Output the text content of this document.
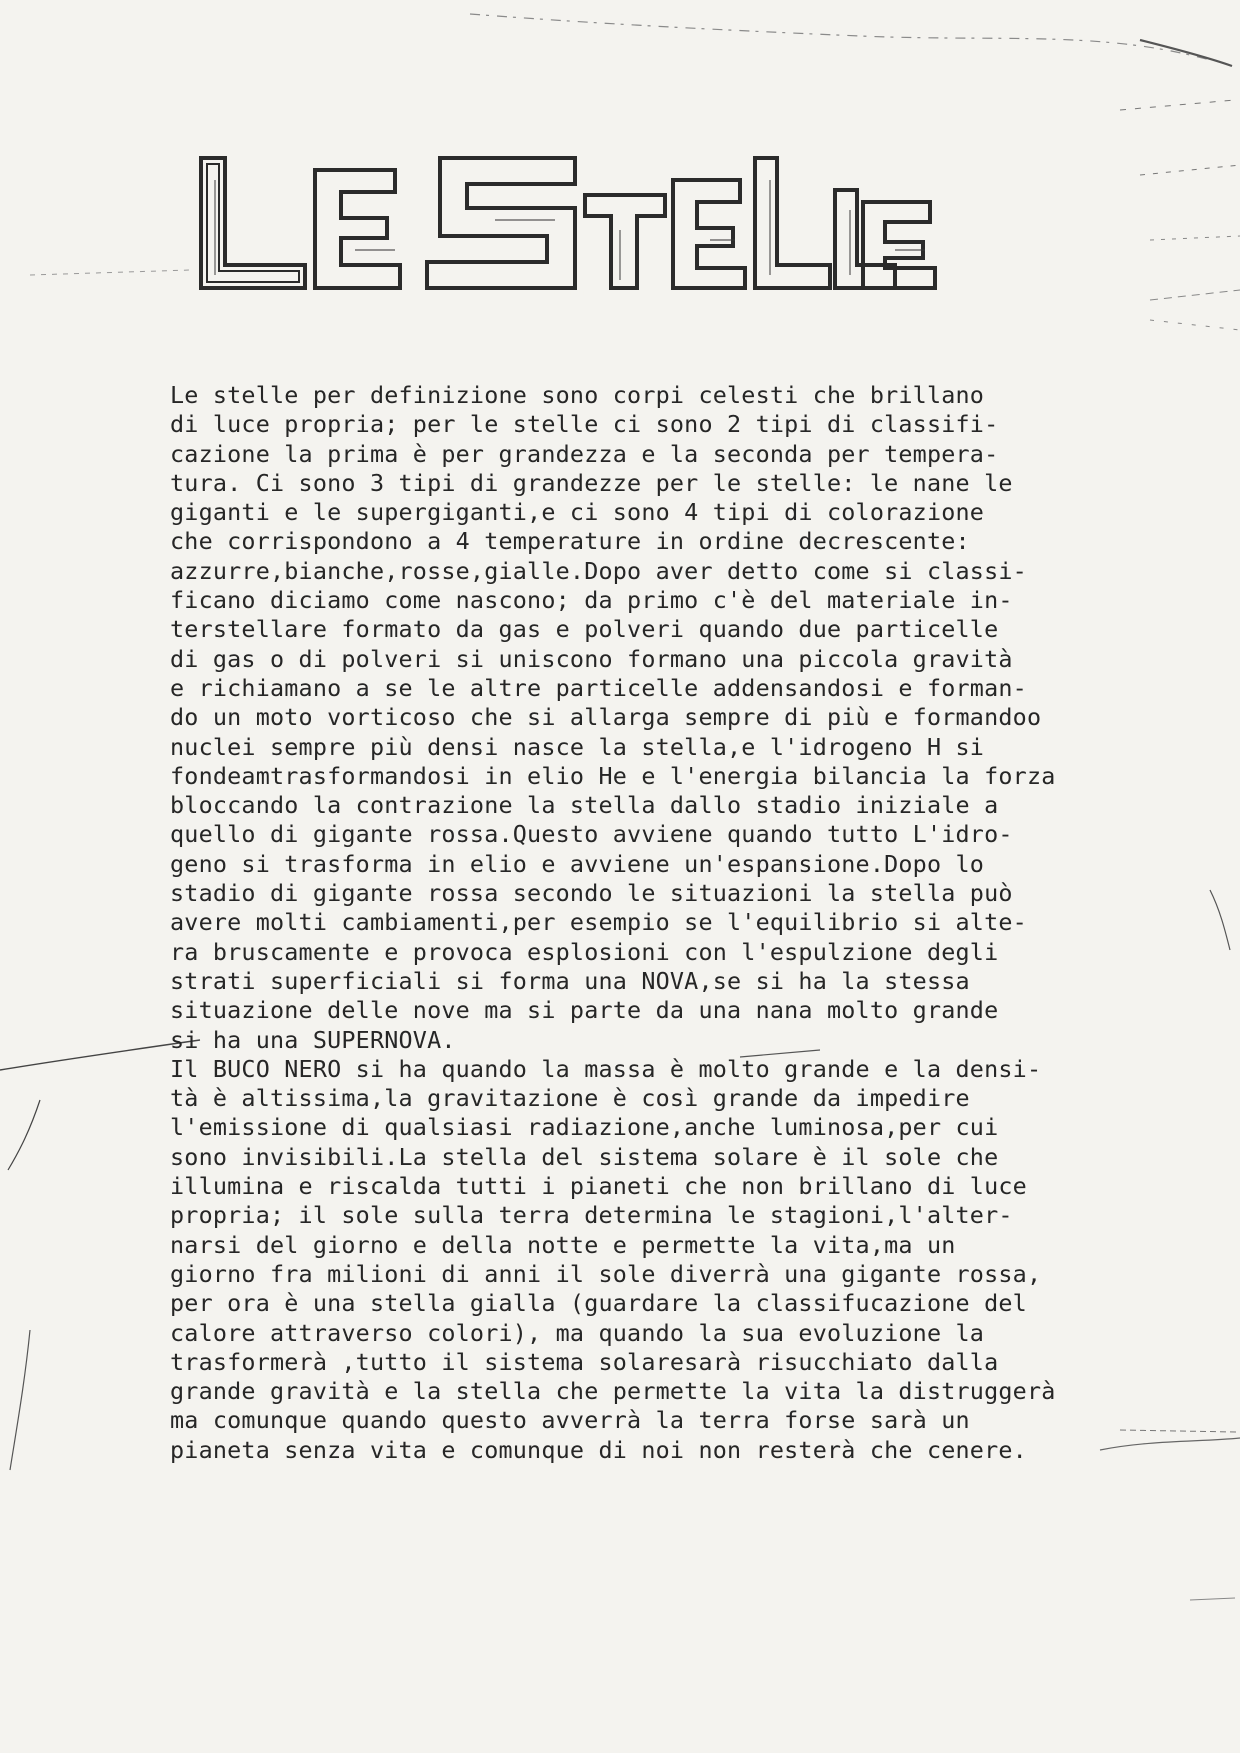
LE STELLE
Le stelle per definizione sono corpi celesti che brillano
di luce propria; per le stelle ci sono 2 tipi di classifi-
cazione la prima è per grandezza e la seconda per tempera-
tura. Ci sono 3 tipi di grandezze per le stelle: le nane le
giganti e le supergiganti,e ci sono 4 tipi di colorazione
che corrispondono a 4 temperature in ordine decrescente:
azzurre,bianche,rosse,gialle.Dopo aver detto come si classi-
ficano diciamo come nascono; da primo c'è del materiale in-
terstellare formato da gas e polveri quando due particelle
di gas o di polveri si uniscono formano una piccola gravità
e richiamano a se le altre particelle addensandosi e forman-
do un moto vorticoso che si allarga sempre di più e formandoo
nuclei sempre più densi nasce la stella,e l'idrogeno H si
fondeamtrasformandosi in elio He e l'energia bilancia la forza
bloccando la contrazione la stella dallo stadio iniziale a
quello di gigante rossa.Questo avviene quando tutto L'idro-
geno si trasforma in elio e avviene un'espansione.Dopo lo
stadio di gigante rossa secondo le situazioni la stella può
avere molti cambiamenti,per esempio se l'equilibrio si alte-
ra bruscamente e provoca esplosioni con l'espulzione degli
strati superficiali si forma una NOVA,se si ha la stessa
situazione delle nove ma si parte da una nana molto grande
si ha una SUPERNOVA.
Il BUCO NERO si ha quando la massa è molto grande e la densi-
tà è altissima,la gravitazione è così grande da impedire
l'emissione di qualsiasi radiazione,anche luminosa,per cui
sono invisibili.La stella del sistema solare è il sole che
illumina e riscalda tutti i pianeti che non brillano di luce
propria; il sole sulla terra determina le stagioni,l'alter-
narsi del giorno e della notte e permette la vita,ma un
giorno fra milioni di anni il sole diverrà una gigante rossa,
per ora è una stella gialla (guardare la classifucazione del
calore attraverso colori), ma quando la sua evoluzione la
trasformerà ,tutto il sistema solaresarà risucchiato dalla
grande gravità e la stella che permette la vita la distruggerà
ma comunque quando questo avverrà la terra forse sarà un
pianeta senza vita e comunque di noi non resterà che cenere.
